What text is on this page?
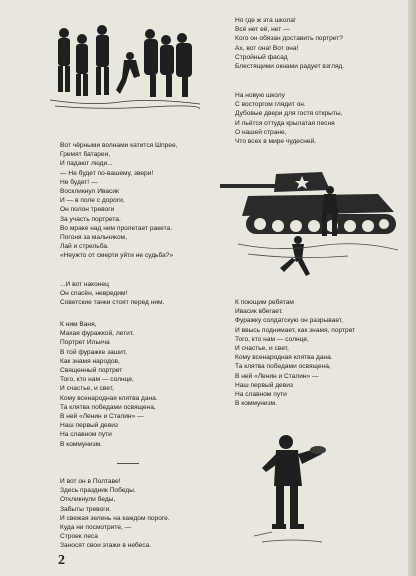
Вот чёрными волнами катится Шпрее,
Гремят батареи,
И падают люди...
— Не будет по-вашему, звери!
Не будет! —
Воскликнул Иваcик
И — в поле с дороги,
Он полон тревоги
За участь портрета.
Во мраке над ним пролетает ракета.
Погоня за мальчиком,
Лай и стрельба.
«Неужто от смерти уйти не судьба?»
...И вот наконец
Он спасён, невредим!
Советские танки стоят перед ним.
К ним Ваня,
Махая фуражкой, летит.
Портрет Ильича
В той фуражке зашит,
Как знамя народов,
Священный портрет
Того, кто нам — солнце,
И счастье, и свет,
Кому всенародная клятва дана.
Та клятва победами освящена,
В ней «Ленин и Сталин» —
Наш первый девиз
На славном пути
В коммунизм.
И вот он в Полтаве!
Здесь праздник Победы.
Откликнули беды,
Забыты тревоги.
И свежая зелень на каждом пороге.
Куда ни посмотрите, —
Строек леса
Заносят свои этажи в небеса.
Но где ж эта школа!
Всё нет её, нет —
Кого он обязан доставить портрет?
Ах, вот она! Вот она!
Стройный фасад
Блестящими окнами радует взгляд.
На новую школу
С восторгом глядит он.
Дубовые двери для гостя открыты,
И льётся оттуда крылатая песня
О нашей стране,
Что всех в мире чудесней.
К поющим ребятам
Ивасик вбегает.
Фуражку солдатскую он разрывает,
И ввысь поднимает, как знамя, портрет
Того, кто нам — солнце,
И счастье, и свет,
Кому всенародная клятва дана.
Та клятва победами освящена,
В ней «Ленин и Сталин» —
Наш первый девиз
На славном пути
В коммунизм.
2
